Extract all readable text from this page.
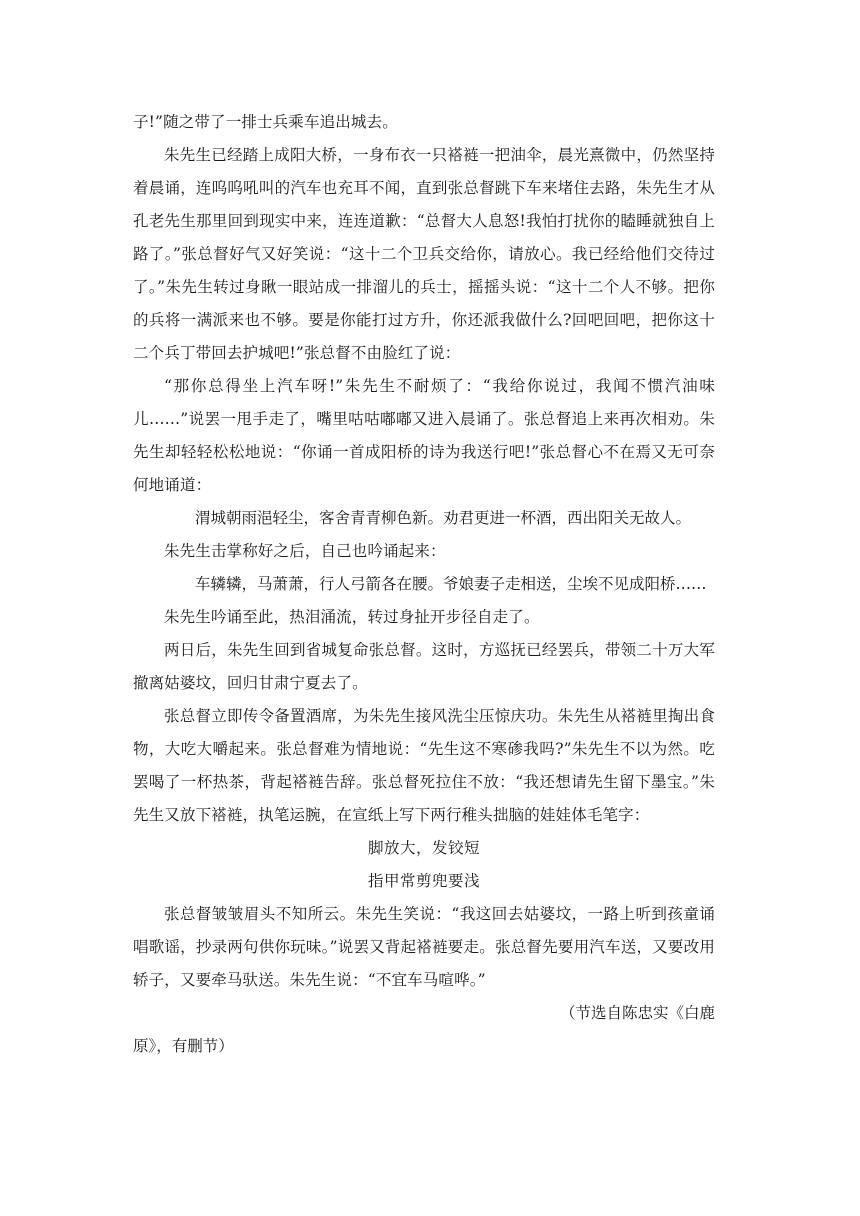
子!”随之带了一排士兵乘车追出城去。

朱先生已经踏上成阳大桥，一身布衣一只褡裢一把油伞，晨光熹微中，仍然坚持着晨诵，连呜呜吼叫的汽车也充耳不闻，直到张总督跳下车来堵住去路，朱先生才从孔老先生那里回到现实中来，连连道歉：“总督大人息怒!我怕打扰你的瞌睡就独自上路了。”张总督好气又好笑说：“这十二个卫兵交给你，请放心。我已经给他们交待过了。”朱先生转过身瞅一眼站成一排溜儿的兵士，摇摇头说：“这十二个人不够。把你的兵将一满派来也不够。要是你能打过方升，你还派我做什么?回吧回吧，把你这十二个兵丁带回去护城吧!”张总督不由脸红了说：

“那你总得坐上汽车呀!”朱先生不耐烦了：“我给你说过，我闻不惯汽油味儿……”说罢一甩手走了，嘴里咕咕嘟嘟又进入晨诵了。张总督追上来再次相劝。朱先生却轻轻松松地说：“你诵一首成阳桥的诗为我送行吧!”张总督心不在焉又无可奈何地诵道：

渭城朝雨浥轻尘，客舍青青柳色新。劝君更进一杯酒，西出阳关无故人。

朱先生击掌称好之后，自己也吟诵起来：

车辚辚，马萧萧，行人弓箭各在腰。爷娘妻子走相送，尘埃不见成阳桥……

朱先生吟诵至此，热泪涌流，转过身扯开步径自走了。

两日后，朱先生回到省城复命张总督。这时，方巡抚已经罢兵，带领二十万大军撤离姑婆坟，回归甘肃宁夏去了。

张总督立即传令备置酒席，为朱先生接风洗尘压惊庆功。朱先生从褡裢里掏出食物，大吃大嚼起来。张总督难为情地说：“先生这不寒碜我吗?”朱先生不以为然。吃罢喝了一杯热茶，背起褡裢告辞。张总督死拉住不放：“我还想请先生留下墨宝。”朱先生又放下褡裢，执笔运腕，在宣纸上写下两行稚头拙脑的娃娃体毛笔字：

脚放大，发铰短

指甲常剪兜要浅

张总督皱皱眉头不知所云。朱先生笑说：“我这回去姑婆坟，一路上听到孩童诵唱歌谣，抄录两句供你玩味。”说罢又背起褡裢要走。张总督先要用汽车送，又要改用轿子，又要牵马驮送。朱先生说：“不宜车马喧哗。”

（节选自陈忠实《白鹿

原》，有删节）
